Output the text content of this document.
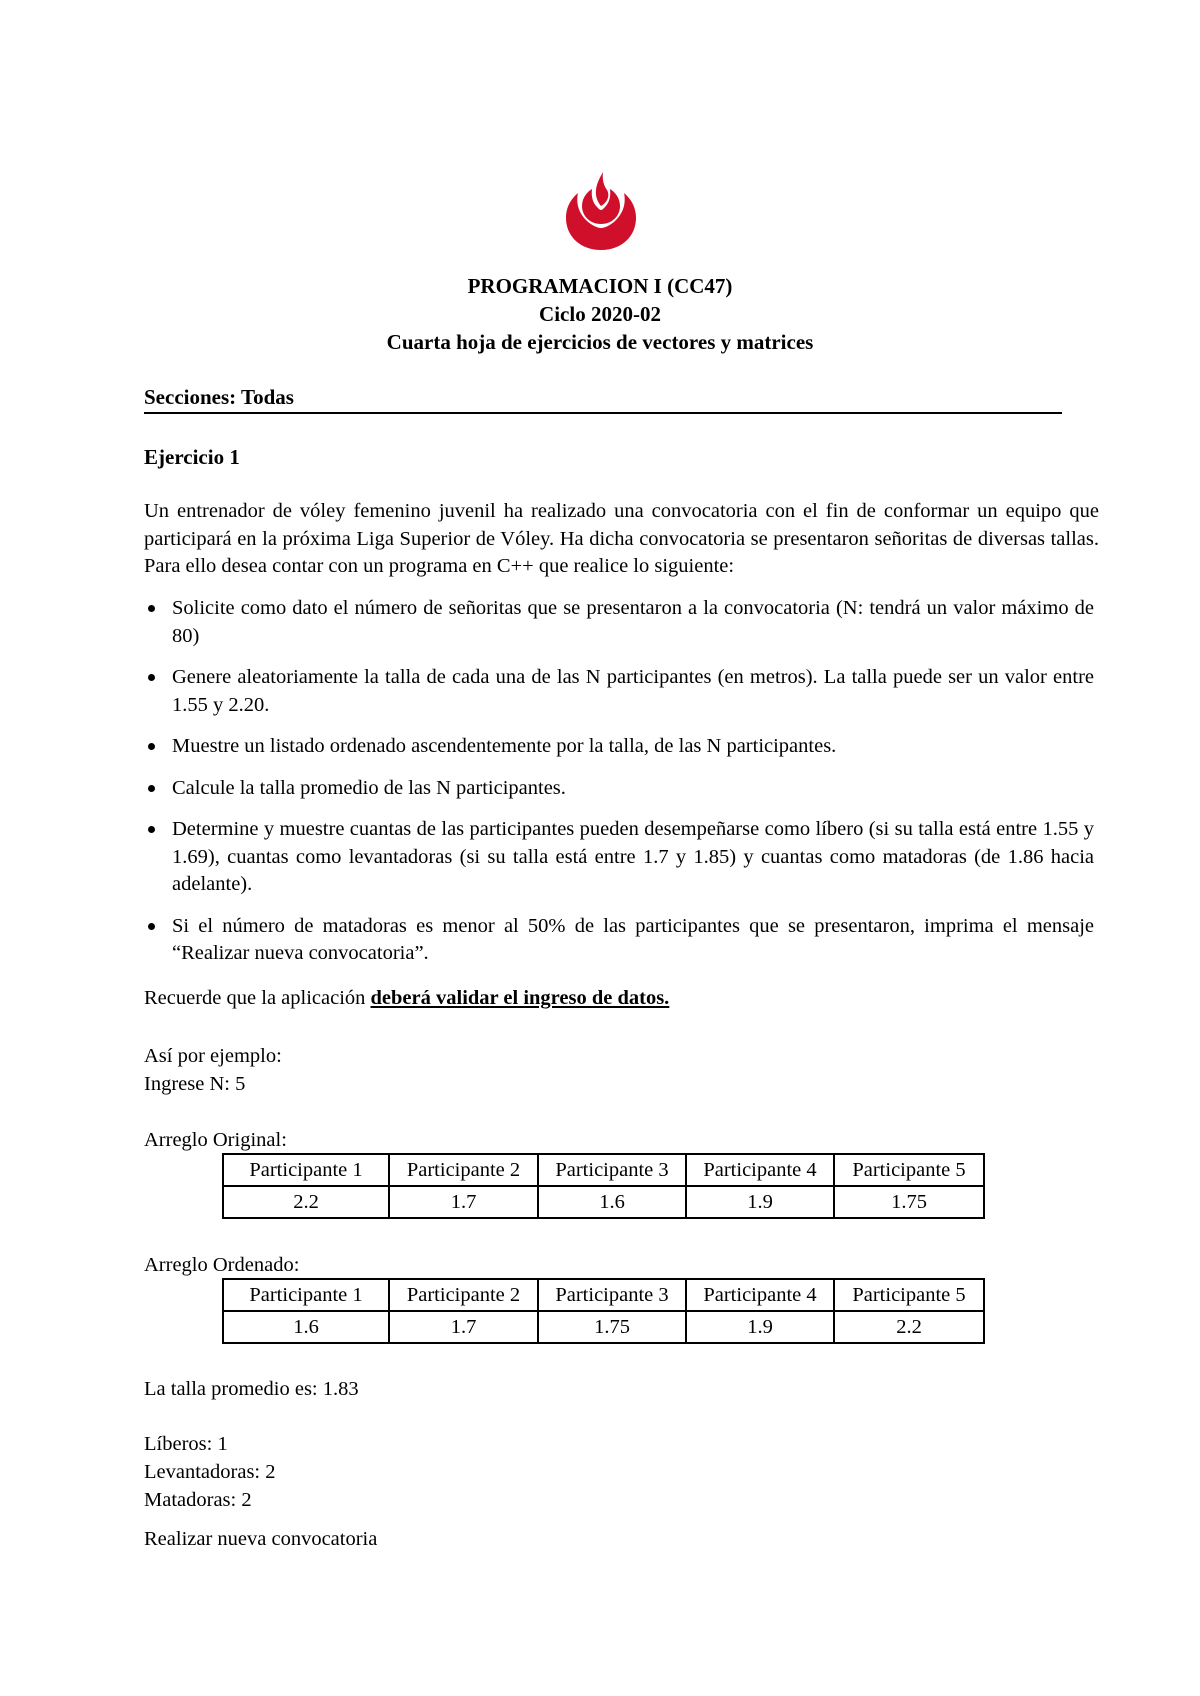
PROGRAMACION I (CC47)
Ciclo 2020-02
Cuarta hoja de ejercicios de vectores y matrices
Secciones: Todas
Ejercicio 1
Un entrenador de vóley femenino juvenil ha realizado una convocatoria con el fin de conformar un equipo que participará en la próxima Liga Superior de Vóley. Ha dicha convocatoria se presentaron señoritas de diversas tallas. Para ello desea contar con un programa en C++ que realice lo siguiente:
Solicite como dato el número de señoritas que se presentaron a la convocatoria (N: tendrá un valor máximo de 80)
Genere aleatoriamente la talla de cada una de las N participantes (en metros). La talla puede ser un valor entre 1.55 y 2.20.
Muestre un listado ordenado ascendentemente por la talla, de las N participantes.
Calcule la talla promedio de las N participantes.
Determine y muestre cuantas de las participantes pueden desempeñarse como líbero (si su talla está entre 1.55 y 1.69), cuantas como levantadoras (si su talla está entre 1.7 y 1.85) y cuantas como matadoras (de 1.86 hacia adelante).
Si el número de matadoras es menor al 50% de las participantes que se presentaron, imprima el mensaje “Realizar nueva convocatoria”.
Recuerde que la aplicación deberá validar el ingreso de datos.
Así por ejemplo:
Ingrese N: 5
Arreglo Original:
Participante 1	Participante 2	Participante 3	Participante 4	Participante 5
2.2	1.7	1.6	1.9	1.75
Arreglo Ordenado:
Participante 1	Participante 2	Participante 3	Participante 4	Participante 5
1.6	1.7	1.75	1.9	2.2
La talla promedio es: 1.83
Líberos: 1
Levantadoras: 2
Matadoras: 2
Realizar nueva convocatoria
